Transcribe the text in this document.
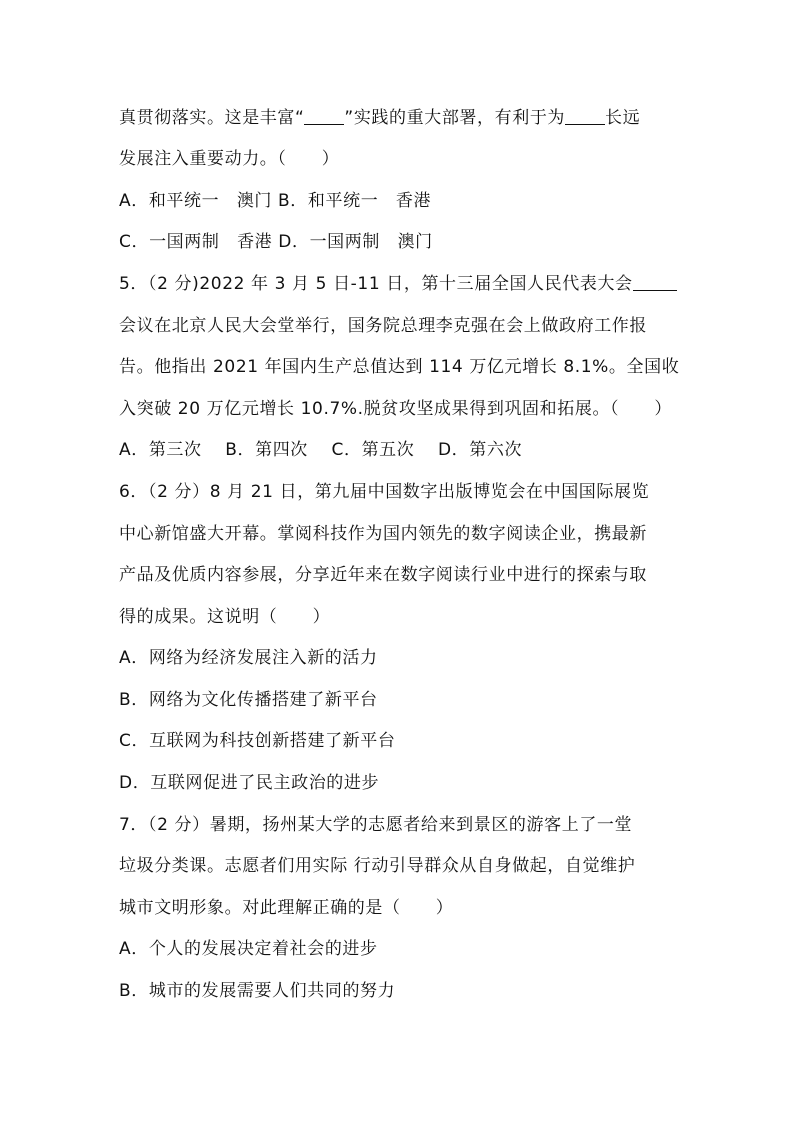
真贯彻落实。这是丰富“ ”实践的重大部署，有利于为 长远
发展注入重要动力。（　　）
A．和平统一　澳门 B．和平统一　香港
C．一国两制　香港 D．一国两制　澳门
5．（2 分)2022 年 3 月 5 日-11 日，第十三届全国人民代表大会
会议在北京人民大会堂举行，国务院总理李克强在会上做政府工作报
告。他指出 2021 年国内生产总值达到 114 万亿元增长 8.1%。全国收
入突破 20 万亿元增长 10.7%.脱贫攻坚成果得到巩固和拓展。（　　）
A．第三次　 B．第四次　 C．第五次　 D．第六次
6．（2 分）8 月 21 日，第九届中国数字出版博览会在中国国际展览
中心新馆盛大开幕。掌阅科技作为国内领先的数字阅读企业，携最新
产品及优质内容参展，分享近年来在数字阅读行业中进行的探索与取
得的成果。这说明（　　）
A．网络为经济发展注入新的活力
B．网络为文化传播搭建了新平台
C．互联网为科技创新搭建了新平台
D．互联网促进了民主政治的进步
7．（2 分）暑期，扬州某大学的志愿者给来到景区的游客上了一堂
垃圾分类课。志愿者们用实际 行动引导群众从自身做起，自觉维护
城市文明形象。对此理解正确的是（　　）
A．个人的发展决定着社会的进步
B．城市的发展需要人们共同的努力
